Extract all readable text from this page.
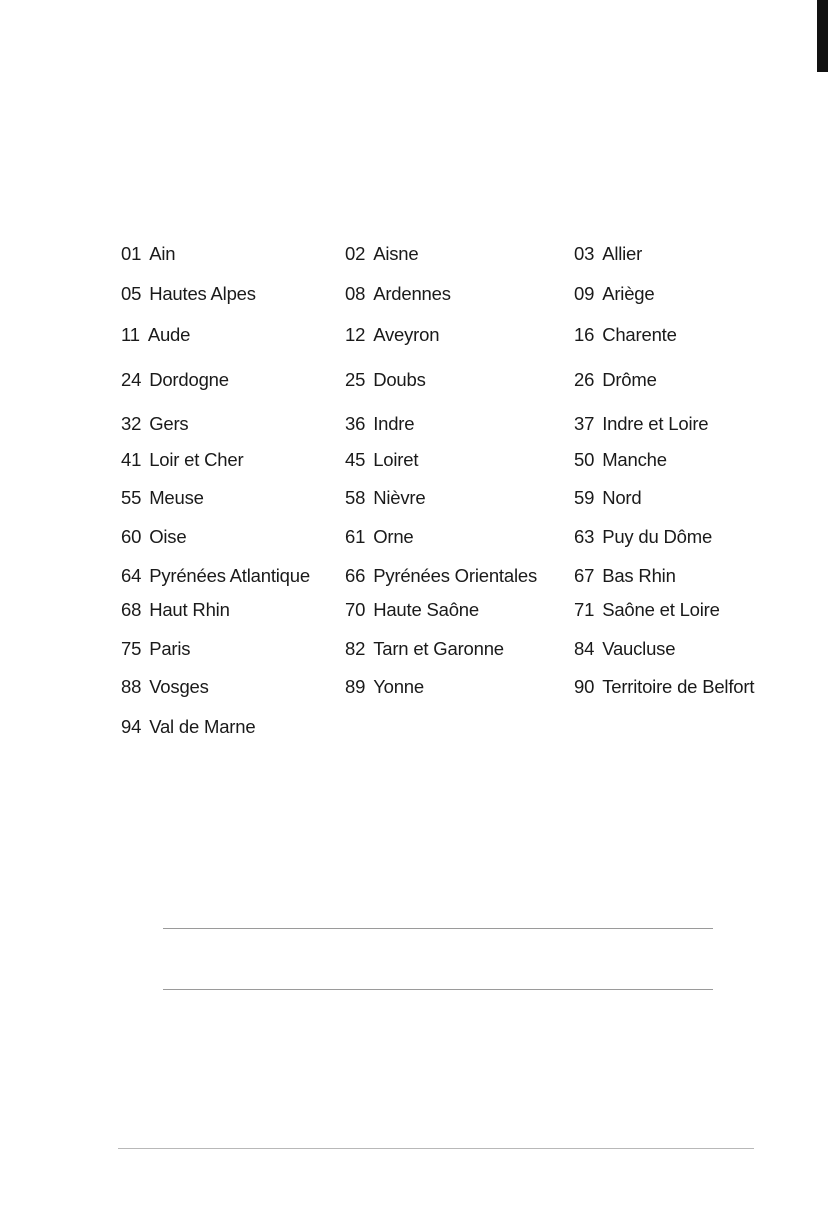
01 Ain	02 Aisne	03 Allier
05 Hautes Alpes	08 Ardennes	09 Ariège
11 Aude	12 Aveyron	16 Charente
24 Dordogne	25 Doubs	26 Drôme
32 Gers	36 Indre	37 Indre et Loire
41 Loir et Cher	45 Loiret	50 Manche
55 Meuse	58 Nièvre	59 Nord
60 Oise	61 Orne	63 Puy du Dôme
64 Pyrénées Atlantique 66 Pyrénées Orientales 67 Bas Rhin
68 Haut Rhin	70 Haute Saône	71 Saône et Loire
75 Paris	82 Tarn et Garonne	84 Vaucluse
88 Vosges	89 Yonne	90 Territoire de Belfort
94 Val de Marne
